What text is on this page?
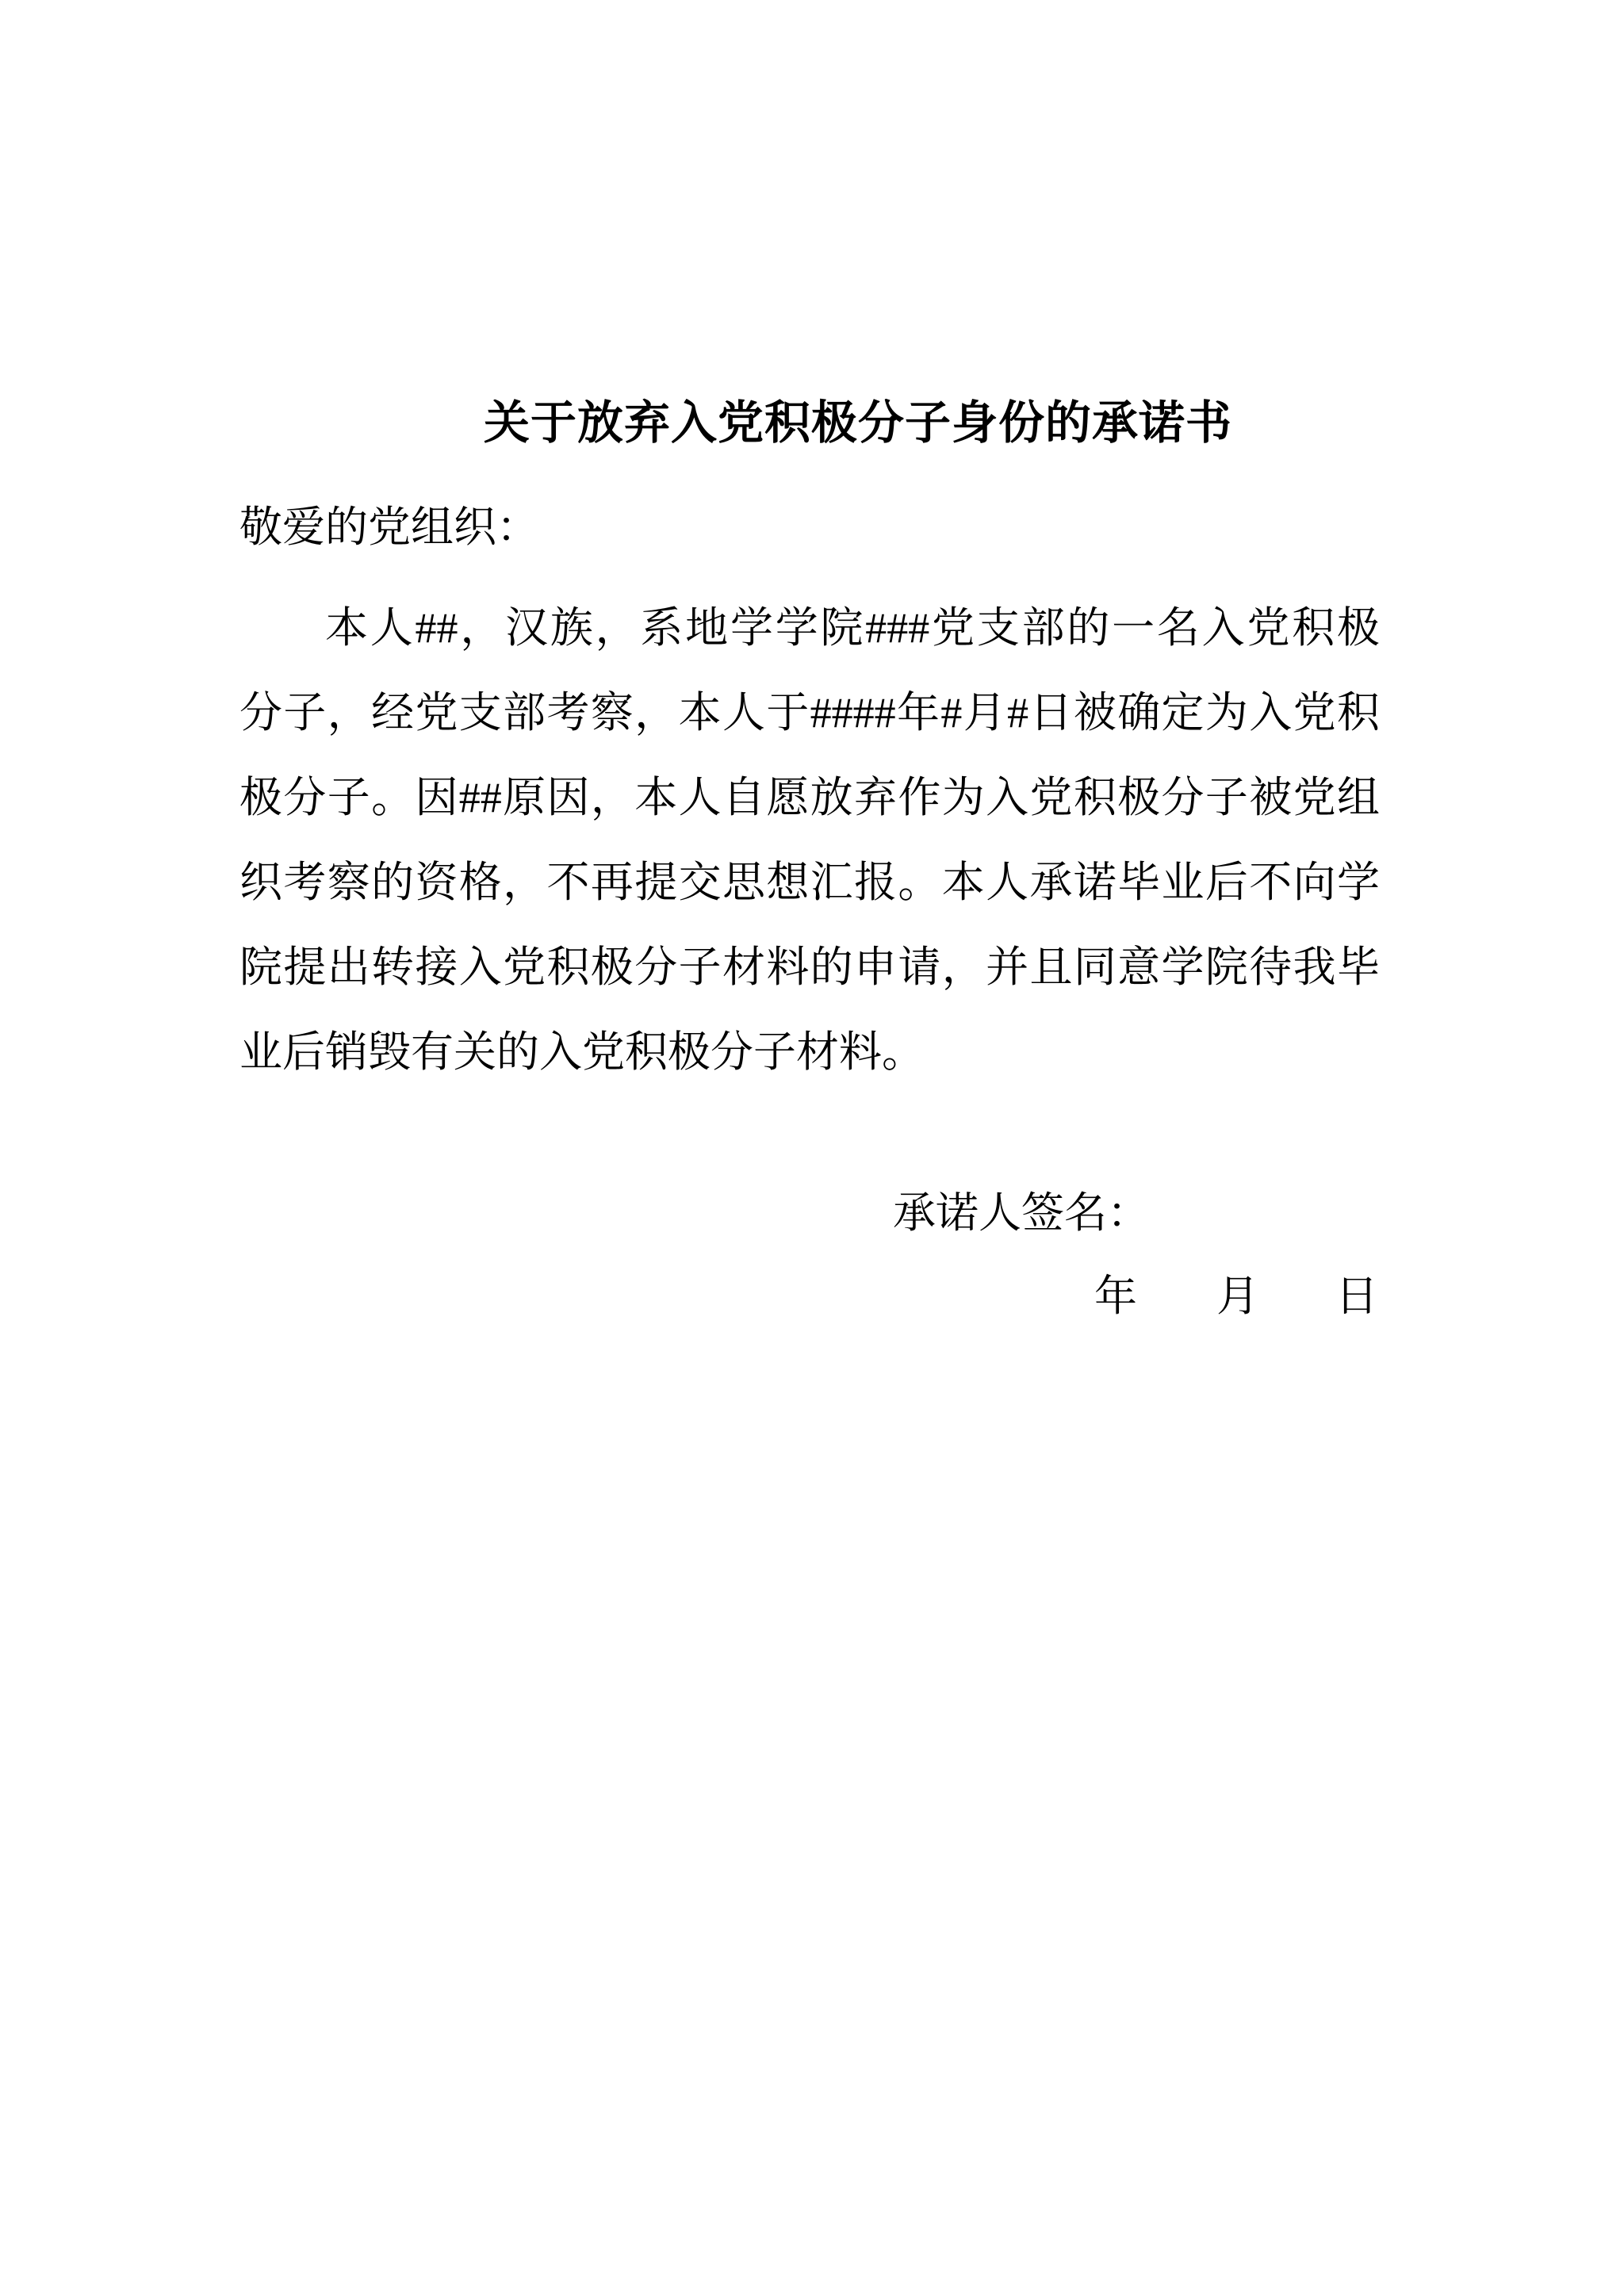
关于放弃入党积极分子身份的承诺书
敬爱的党组织：
本人##，汉族，系地学学院###党支部的一名入党积极
分子，经党支部考察，本人于####年#月#日被确定为入党积
极分子。因##原因，本人自愿放弃作为入党积极分子被党组
织考察的资格，不再提交思想汇报。本人承诺毕业后不向学
院提出转接入党积极分子材料的申请，并且同意学院待我毕
业后销毁有关的入党积极分子材料。
承诺人签名：
年 月 日
